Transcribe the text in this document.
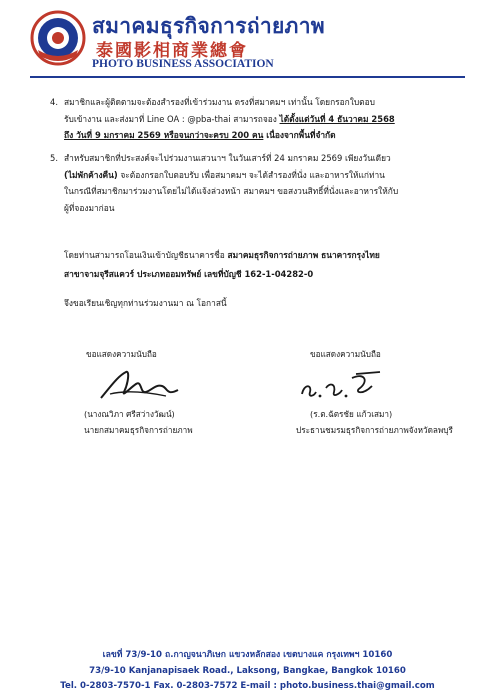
สมาคมธุรกิจการถ่ายภาพ
泰國影相商業總會
PHOTO BUSINESS ASSOCIATION
4. สมาชิกและผู้ติดตามจะต้องสำรองที่เข้าร่วมงาน ตรงที่สมาคมฯ เท่านั้น โดยกรอกใบตอบ
รับเข้างาน และส่งมาที่ Line OA : @pba-thai สามารถจอง ได้ตั้งแต่วันที่ 4 ธันวาคม 2568
ถึง วันที่ 9 มกราคม 2569 หรือจนกว่าจะครบ 200 คน เนื่องจากพื้นที่จำกัด
5. สำหรับสมาชิกที่ประสงค์จะไปร่วมงานเสวนาฯ ในวันเสาร์ที่ 24 มกราคม 2569 เพียงวันเดียว
(ไม่พักค้างคืน) จะต้องกรอกใบตอบรับ เพื่อสมาคมฯ จะได้สำรองที่นั่ง และอาหารให้แก่ท่าน
ในกรณีที่สมาชิกมาร่วมงานโดยไม่ได้แจ้งล่วงหน้า สมาคมฯ ขอสงวนสิทธิ์ที่นั่งและอาหารให้กับ
ผู้ที่จองมาก่อน
โดยท่านสามารถโอนเงินเข้าบัญชีธนาคารชื่อ สมาคมธุรกิจการถ่ายภาพ ธนาคารกรุงไทย
สาขาจามจุรีสแควร์ ประเภทออมทรัพย์ เลขที่บัญชี 162-1-04282-0
จึงขอเรียนเชิญทุกท่านร่วมงานมา ณ โอกาสนี้
ขอแสดงความนับถือ
(นางณวิภา ศรีสว่างวัฒน์)
นายกสมาคมธุรกิจการถ่ายภาพ
ขอแสดงความนับถือ
(ร.ต.ฉัตรชัย แก้วเสมา)
ประธานชมรมธุรกิจการถ่ายภาพจังหวัดลพบุรี
เลขที่ 73/9-10 ถ.กาญจนาภิเษก แขวงหลักสอง เขตบางแค กรุงเทพฯ 10160
73/9-10 Kanjanapisaek Road., Laksong, Bangkae, Bangkok 10160
Tel. 0-2803-7570-1 Fax. 0-2803-7572 E-mail : photo.business.thai@gmail.com
